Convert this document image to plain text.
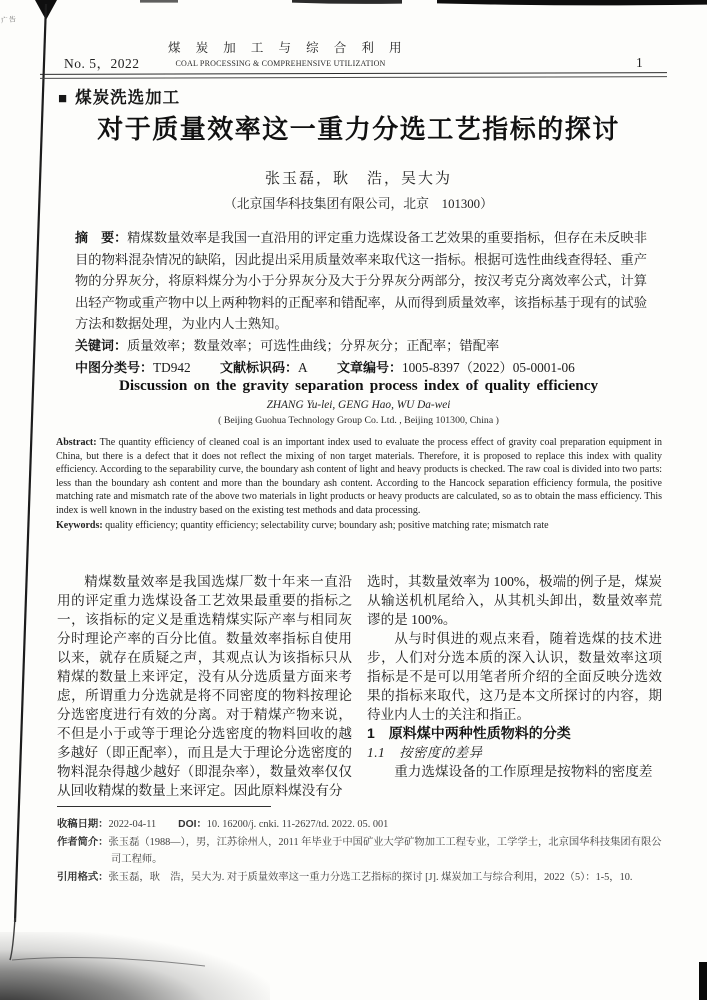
广告
No. 5，2022
煤 炭 加 工 与 综 合 利 用
COAL PROCESSING & COMPREHENSIVE UTILIZATION	1
■ 煤炭洗选加工
对于质量效率这一重力分选工艺指标的探讨
张玉磊，耿　浩，吴大为
（北京国华科技集团有限公司，北京　101300）

摘　要：精煤数量效率是我国一直沿用的评定重力选煤设备工艺效果的重要指标，但存在未反映非目的物料混杂情况的缺陷，因此提出采用质量效率来取代这一指标。根据可选性曲线查得轻、重产物的分界灰分，将原料煤分为小于分界灰分及大于分界灰分两部分，按汉考克分离效率公式，计算出轻产物或重产物中以上两种物料的正配率和错配率，从而得到质量效率，该指标基于现有的试验方法和数据处理，为业内人士熟知。

关键词：质量效率；数量效率；可选性曲线；分界灰分；正配率；错配率

中图分类号：TD942 文献标识码：A 文章编号：1005-8397（2022）05-0001-06

Discussion on the gravity separation process index of quality efficiency
ZHANG Yu-lei, GENG Hao, WU Da-wei
( Beijing Guohua Technology Group Co. Ltd. , Beijing 101300, China )

Abstract: The quantity efficiency of cleaned coal is an important index used to evaluate the process effect of gravity coal preparation equipment in China, but there is a defect that it does not reflect the mixing of non target materials. Therefore, it is proposed to replace this index with quality efficiency. According to the separability curve, the boundary ash content of light and heavy products is checked. The raw coal is divided into two parts: less than the boundary ash content and more than the boundary ash content. According to the Hancock separation efficiency formula, the positive matching rate and mismatch rate of the above two materials in light products or heavy products are calculated, so as to obtain the mass efficiency. This index is well known in the industry based on the existing test methods and data processing.

Keywords: quality efficiency; quantity efficiency; selectability curve; boundary ash; positive matching rate; mismatch rate

精煤数量效率是我国选煤厂数十年来一直沿用的评定重力选煤设备工艺效果最重要的指标之一，该指标的定义是重选精煤实际产率与相同灰分时理论产率的百分比值。数量效率指标自使用以来，就存在质疑之声，其观点认为该指标只从精煤的数量上来评定，没有从分选质量方面来考虑，所谓重力分选就是将不同密度的物料按理论分选密度进行有效的分离。对于精煤产物来说，不但是小于或等于理论分选密度的物料回收的越多越好（即正配率），而且是大于理论分选密度的物料混杂得越少越好（即混杂率），数量效率仅仅从回收精煤的数量上来评定。因此原料煤没有分

选时，其数量效率为 100%，极端的例子是，煤炭从输送机机尾给入，从其机头卸出，数量效率荒谬的是 100%。

从与时俱进的观点来看，随着选煤的技术进步，人们对分选本质的深入认识，数量效率这项指标是不是可以用笔者所介绍的全面反映分选效果的指标来取代，这乃是本文所探讨的内容，期待业内人士的关注和指正。

1　原料煤中两种性质物料的分类

1.1　按密度的差异

重力选煤设备的工作原理是按物料的密度差

收稿日期：2022-04-11 DOI：10. 16200/j. cnki. 11-2627/td. 2022. 05. 001

作者简介：张玉磊（1988—），男，江苏徐州人，2011 年毕业于中国矿业大学矿物加工工程专业，工学学士，北京国华科技集团有限公司工程师。

引用格式：张玉磊，耿　浩，吴大为. 对于质量效率这一重力分选工艺指标的探讨 [J]. 煤炭加工与综合利用，2022（5）：1-5，10.
